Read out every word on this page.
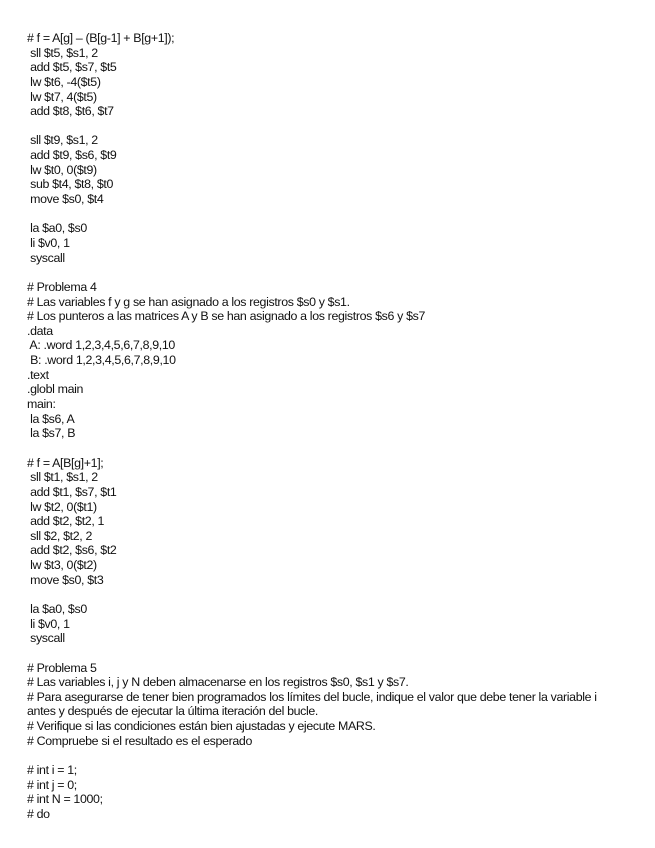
# f = A[g] – (B[g-1] + B[g+1]);
sll $t5, $s1, 2
add $t5, $s7, $t5
lw $t6, -4($t5)
lw $t7, 4($t5)
add $t8, $t6, $t7
sll $t9, $s1, 2
add $t9, $s6, $t9
lw $t0, 0($t9)
sub $t4, $t8, $t0
move $s0, $t4
la $a0, $s0
li $v0, 1
syscall
# Problema 4
# Las variables f y g se han asignado a los registros $s0 y $s1.
# Los punteros a las matrices A y B se han asignado a los registros $s6 y $s7
.data
A: .word 1,2,3,4,5,6,7,8,9,10
B: .word 1,2,3,4,5,6,7,8,9,10
.text
.globl main
main:
la $s6, A
la $s7, B
# f = A[B[g]+1];
sll $t1, $s1, 2
add $t1, $s7, $t1
lw $t2, 0($t1)
add $t2, $t2, 1
sll $2, $t2, 2
add $t2, $s6, $t2
lw $t3, 0($t2)
move $s0, $t3
la $a0, $s0
li $v0, 1
syscall
# Problema 5
# Las variables i, j y N deben almacenarse en los registros $s0, $s1 y $s7.
# Para asegurarse de tener bien programados los límites del bucle, indique el valor que debe tener la variable i antes y después de ejecutar la última iteración del bucle.
# Verifique si las condiciones están bien ajustadas y ejecute MARS.
# Compruebe si el resultado es el esperado
# int i = 1;
# int j = 0;
# int N = 1000;
# do
